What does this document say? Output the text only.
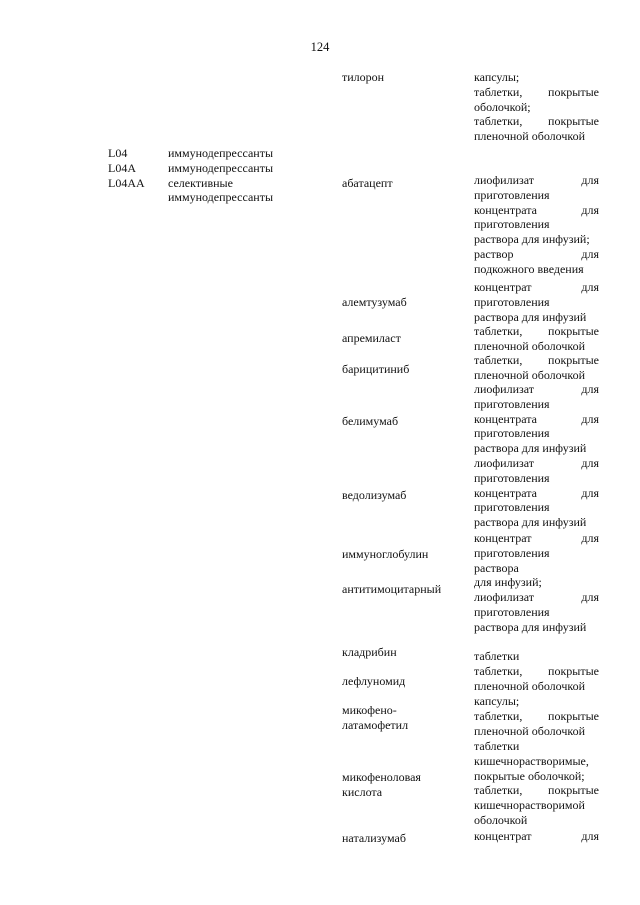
124
L04
L04A
L04AA
иммунодепрессанты
иммунодепрессанты
селективные
иммунодепрессанты
тилорон
абатацепт
алемтузумаб
апремиласт
барицитиниб
белимумаб
ведолизумаб
иммуноглобулин
антитимоцитарный
кладрибин
лефлуномид
микофено-
латамофетил
микофеноловая
кислота
натализумаб
капсулы;
таблетки, покрытые
оболочкой;
таблетки, покрытые
пленочной оболочкой
лиофилизат для
приготовления
концентрата для
приготовления
раствора для инфузий;
раствор для
подкожного введения
концентрат для
приготовления
раствора для инфузий
таблетки, покрытые
пленочной оболочкой
таблетки, покрытые
пленочной оболочкой
лиофилизат для
приготовления
концентрата для
приготовления
раствора для инфузий
лиофилизат для
приготовления
концентрата для
приготовления
раствора для инфузий
концентрат для
приготовления
раствора
для инфузий;
лиофилизат для
приготовления
раствора для инфузий
таблетки
таблетки, покрытые
пленочной оболочкой
капсулы;
таблетки, покрытые
пленочной оболочкой
таблетки
кишечнорастворимые,
покрытые оболочкой;
таблетки, покрытые
кишечнорастворимой
оболочкой
концентрат для
